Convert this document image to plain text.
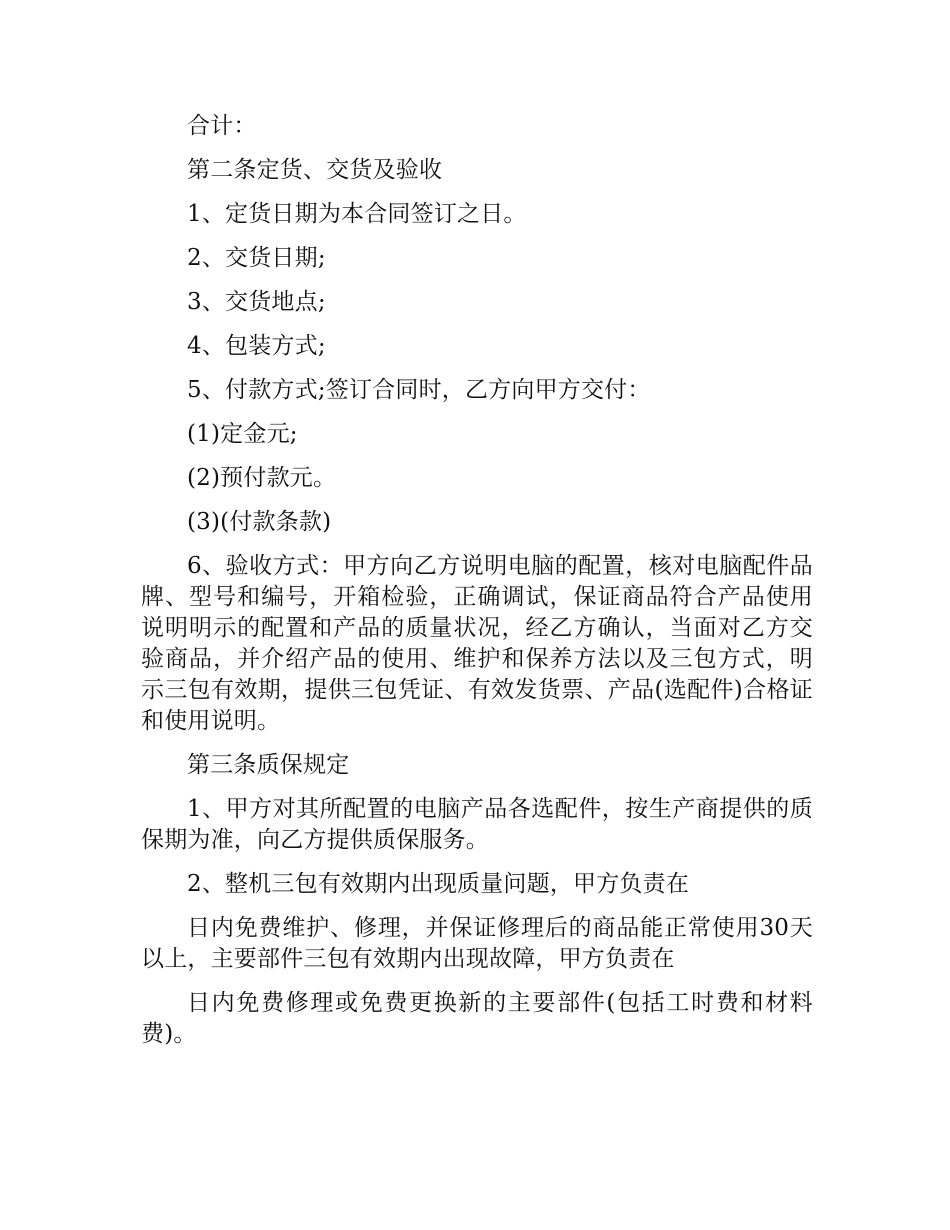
合计：

第二条定货、交货及验收

1、定货日期为本合同签订之日。

2、交货日期;

3、交货地点;

4、包装方式;

5、付款方式;签订合同时，乙方向甲方交付：

(1)定金元;

(2)预付款元。

(3)(付款条款)

6、验收方式：甲方向乙方说明电脑的配置，核对电脑配件品牌、型号和编号，开箱检验，正确调试，保证商品符合产品使用说明明示的配置和产品的质量状况，经乙方确认，当面对乙方交验商品，并介绍产品的使用、维护和保养方法以及三包方式，明示三包有效期，提供三包凭证、有效发货票、产品(选配件)合格证和使用说明。

第三条质保规定

1、甲方对其所配置的电脑产品各选配件，按生产商提供的质保期为准，向乙方提供质保服务。

2、整机三包有效期内出现质量问题，甲方负责在

日内免费维护、修理，并保证修理后的商品能正常使用30天以上，主要部件三包有效期内出现故障，甲方负责在

日内免费修理或免费更换新的主要部件(包括工时费和材料费)。
